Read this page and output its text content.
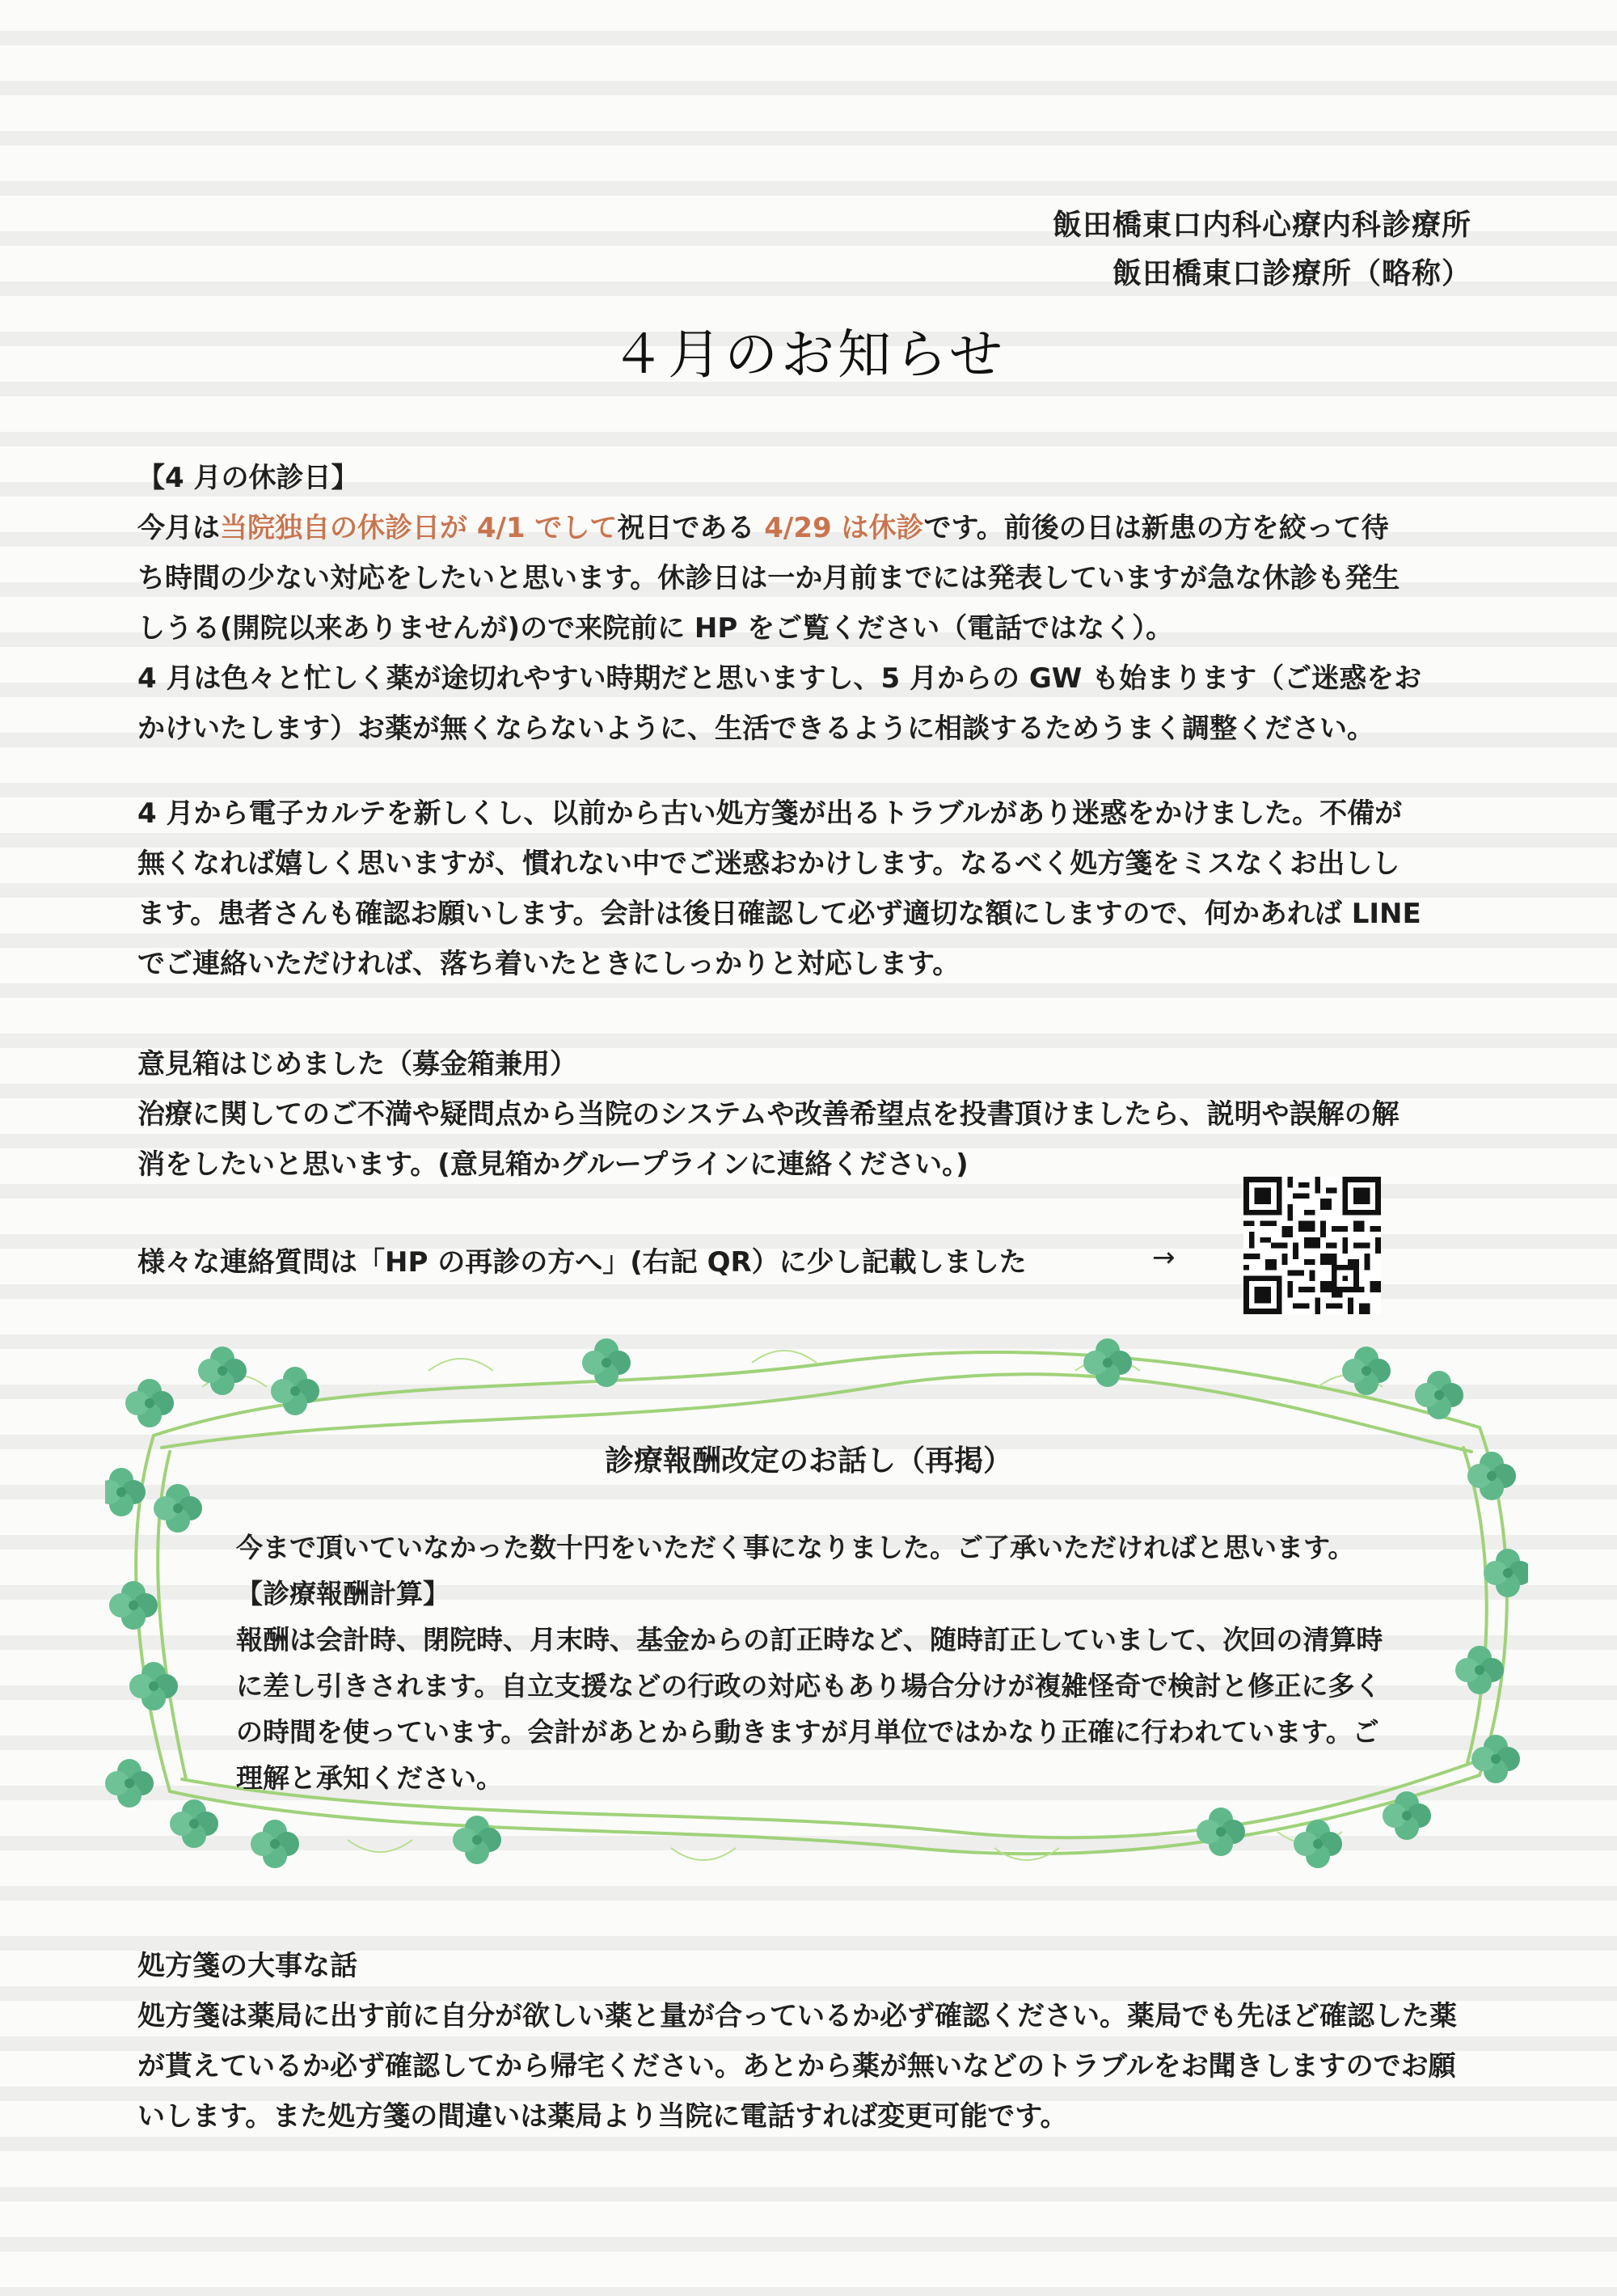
飯田橋東口内科心療内科診療所
飯田橋東口診療所（略称）
４月のお知らせ

【4 月の休診日】

今月は当院独自の休診日が 4/1 でして祝日である 4/29 は休診です。前後の日は新患の方を絞って待

ち時間の少ない対応をしたいと思います。休診日は一か月前までには発表していますが急な休診も発生

しうる(開院以来ありませんが)ので来院前に HP をご覧ください（電話ではなく）。

4 月は色々と忙しく薬が途切れやすい時期だと思いますし、5 月からの GW も始まります（ご迷惑をお

かけいたします）お薬が無くならないように、生活できるように相談するためうまく調整ください。

4 月から電子カルテを新しくし、以前から古い処方箋が出るトラブルがあり迷惑をかけました。不備が

無くなれば嬉しく思いますが、慣れない中でご迷惑おかけします。なるべく処方箋をミスなくお出しし

ます。患者さんも確認お願いします。会計は後日確認して必ず適切な額にしますので、何かあれば LINE

でご連絡いただければ、落ち着いたときにしっかりと対応します。

意見箱はじめました（募金箱兼用）

治療に関してのご不満や疑問点から当院のシステムや改善希望点を投書頂けましたら、説明や誤解の解

消をしたいと思います。(意見箱かグループラインに連絡ください。)

様々な連絡質問は「HP の再診の方へ」(右記 QR）に少し記載しました	→
診療報酬改定のお話し（再掲）

今まで頂いていなかった数十円をいただく事になりました。ご了承いただければと思います。

【診療報酬計算】

報酬は会計時、閉院時、月末時、基金からの訂正時など、随時訂正していまして、次回の清算時

に差し引きされます。自立支援などの行政の対応もあり場合分けが複雑怪奇で検討と修正に多く

の時間を使っています。会計があとから動きますが月単位ではかなり正確に行われています。ご

理解と承知ください。

処方箋の大事な話

処方箋は薬局に出す前に自分が欲しい薬と量が合っているか必ず確認ください。薬局でも先ほど確認した薬

が貰えているか必ず確認してから帰宅ください。あとから薬が無いなどのトラブルをお聞きしますのでお願

いします。また処方箋の間違いは薬局より当院に電話すれば変更可能です。
